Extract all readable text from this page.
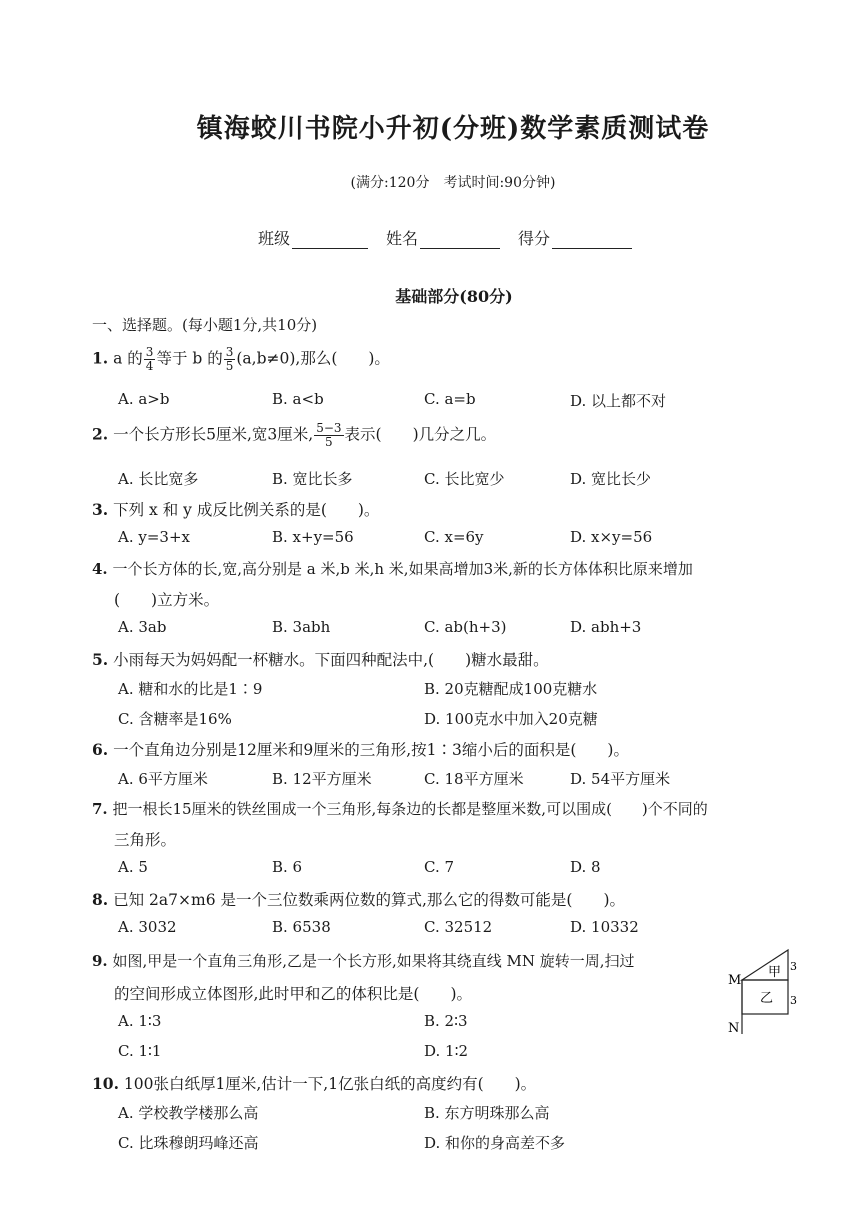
镇海蛟川书院小升初(分班)数学素质测试卷
(满分:120分　考试时间:90分钟)
班级	姓名	得分
基础部分(80分)
一、选择题。(每小题1分,共10分)
1. a 的 $\frac{3}{4}$ 等于 b 的 $\frac{3}{5} (a,b\ne 0)$,那么(　　)。
A. a>b	B. a<b	C. a=b	D. 以上都不对
2. 一个长方形长5厘米,宽3厘米, $\frac{5-3}{5}$ 表示(　　)几分之几。
A. 长比宽多	B. 宽比长多	C. 长比宽少	D. 宽比长少
3. 下列 x 和 y 成反比例关系的是(　　)。
A. y=3+x	B. x+y=56	C. x=6y	D. x×y=56
4. 一个长方体的长,宽,高分别是 a 米,b 米,h 米,如果高增加3米,新的长方体体积比原来增加
(　　)立方米。
A. 3ab	B. 3abh	C. ab(h+3)	D. abh+3
5. 小雨每天为妈妈配一杯糖水。下面四种配法中,(　　)糖水最甜。
A. 糖和水的比是1∶9	B. 20克糖配成100克糖水
C. 含糖率是16%	D. 100克水中加入20克糖
6. 一个直角边分别是12厘米和9厘米的三角形,按1∶3缩小后的面积是(　　)。
A. 6平方厘米	B. 12平方厘米	C. 18平方厘米	D. 54平方厘米
7. 把一根长15厘米的铁丝围成一个三角形,每条边的长都是整厘米数,可以围成(　　)个不同的
三角形。
A. 5	B. 6	C. 7	D. 8
8. 已知 2a7×m6 是一个三位数乘两位数的算式,那么它的得数可能是(　　)。
A. 3032	B. 6538	C. 32512	D. 10332
9. 如图,甲是一个直角三角形,乙是一个长方形,如果将其绕直线 MN 旋转一周,扫过
的空间形成立体图形,此时甲和乙的体积比是(　　)。
A. 1∶3	B. 2∶3
C. 1∶1	D. 1∶2
M
N
甲
乙
3
3
10. 100张白纸厚1厘米,估计一下,1亿张白纸的高度约有(　　)。
A. 学校教学楼那么高	B. 东方明珠那么高
C. 比珠穆朗玛峰还高	D. 和你的身高差不多
